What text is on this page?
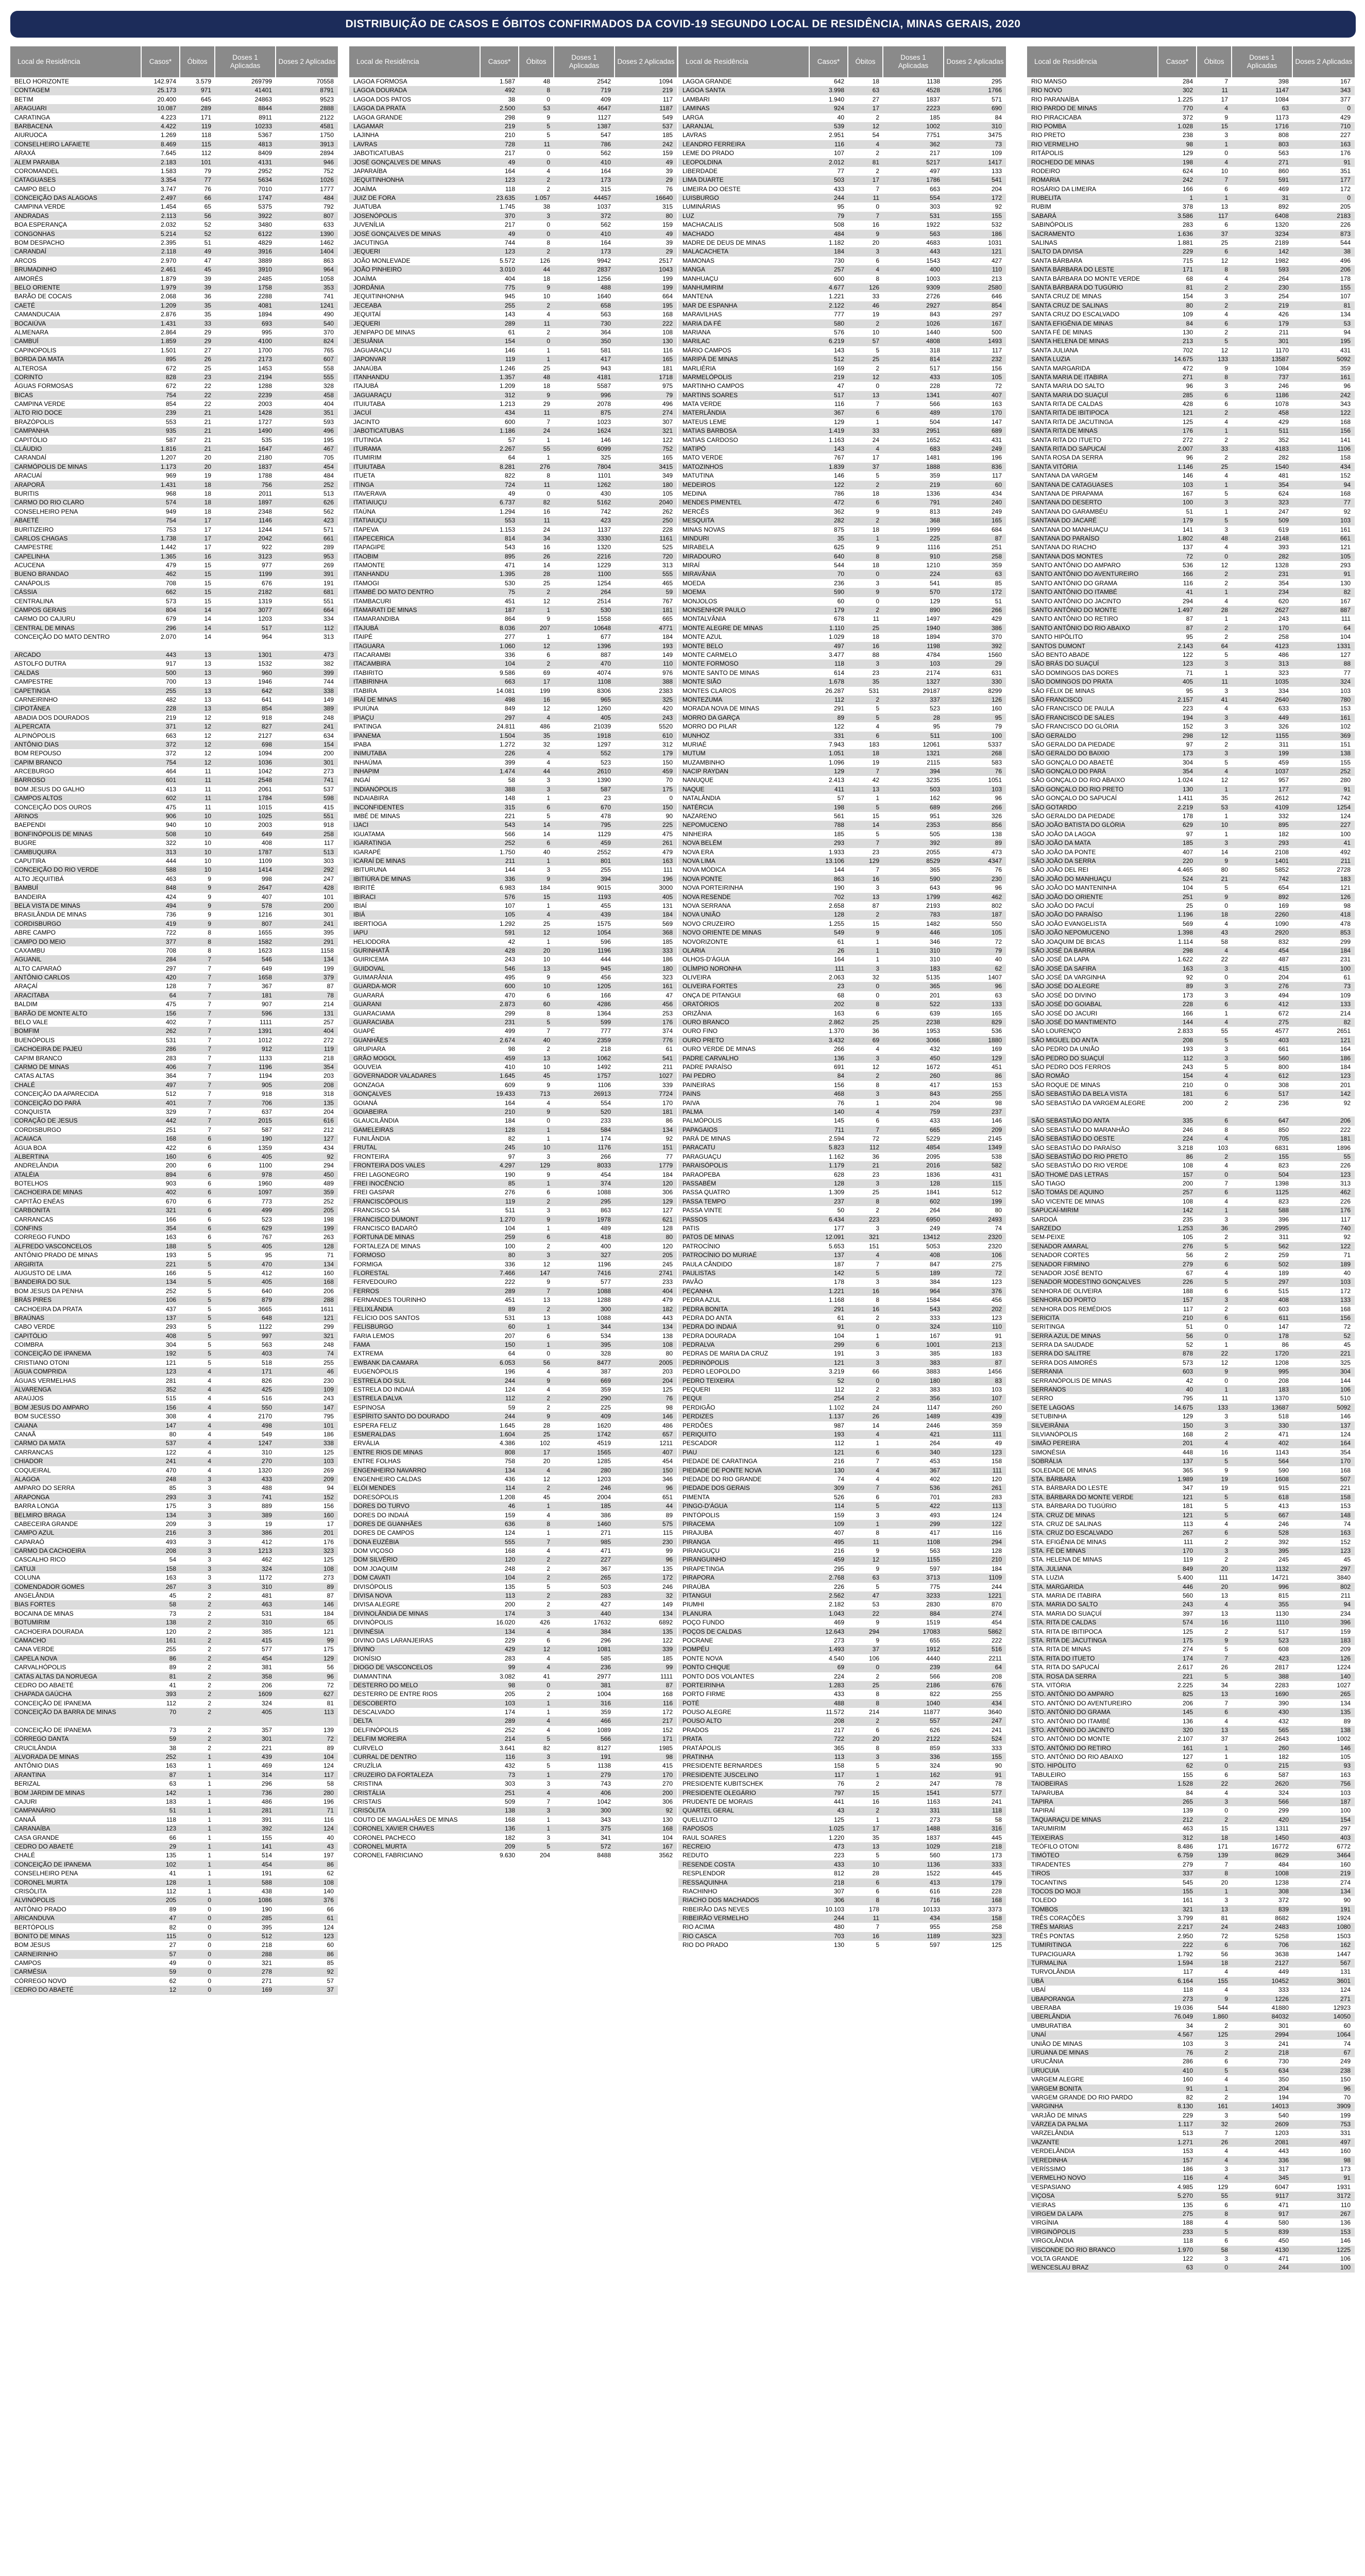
DISTRIBUIÇÃO DE CASOS E ÓBITOS CONFIRMADOS DA COVID-19 SEGUNDO LOCAL DE RESIDÊNCIA, MINAS GERAIS, 2020
Local de Residência	Casos*	Óbitos
Doses 1 Aplicadas
Doses 2 Aplicadas
BELO HORIZONTE	142.974	3.579	269799	70558
CONTAGEM	25.173	971	41401	8791
BETIM	20.400	645	24863	9523
ARAGUARI	10.087	289	8844	2888
CARATINGA	4.223	171	8911	2122
BARBACENA	4.422	119	10233	4581
AIURUOCA	1.269	118	5367	1750
CONSELHEIRO LAFAIETE	8.469	115	4813	3913
ARAXÁ	7.645	112	8409	2894
ALEM PARAIBA	2.183	101	4131	946
COROMANDEL	1.583	79	2952	752
CATAGUASES	3.354	77	5634	1026
CAMPO BELO	3.747	76	7010	1777
CONCEIÇÃO DAS ALAGOAS	2.497	66	1747	484
CAMPINA VERDE	1.454	65	5375	792
ANDRADAS	2.113	56	3922	807
BOA ESPERANÇA	2.032	52	3480	633
CONGONHAS	5.214	52	6122	1390
BOM DESPACHO	2.395	51	4829	1462
CARANDAÍ	2.118	49	3916	1404
ARCOS	2.970	47	3889	863
BRUMADINHO	2.461	45	3910	964
AIMORÉS	1.879	39	2485	1058
BELO ORIENTE	1.979	39	1758	353
BARÃO DE COCAIS	2.068	36	2288	741
CAETÉ	1.209	35	4081	1241
CAMANDUCAIA	2.876	35	1894	490
BOCAIÚVA	1.431	33	693	540
ALMENARA	2.864	29	995	370
CAMBUÍ	1.859	29	4100	824
CAPINOPOLIS	1.501	27	1700	765
BORDA DA MATA	895	26	2173	607
ALTEROSA	672	25	1453	558
CORINTO	828	23	2194	555
ÁGUAS FORMOSAS	672	22	1288	328
BICAS	754	22	2239	458
CAMPINA VERDE	854	22	2003	404
ALTO RIO DOCE	239	21	1428	351
BRAZÓPOLIS	553	21	1727	593
CAMPANHA	935	21	1490	496
CAPITÓLIO	587	21	535	195
CLÁUDIO	1.816	21	1647	467
CARANDAÍ	1.207	20	2180	705
CARMÓPOLIS DE MINAS	1.173	20	1837	454
ARACUAÍ	969	19	1788	484
ARAPORÃ	1.431	18	756	252
BURITIS	968	18	2011	513
CARMO DO RIO CLARO	574	18	1897	626
CONSELHEIRO PENA	949	18	2348	562
ABAETÉ	754	17	1146	423
BURITIZEIRO	753	17	1244	571
CARLOS CHAGAS	1.738	17	2042	661
CAMPESTRE	1.442	17	922	289
CAPELINHA	1.365	16	3123	953
ACUCENA	479	15	977	269
BUENO BRANDAO	462	15	1199	391
CANÁPOLIS	708	15	676	191
CÁSSIA	662	15	2182	681
CENTRALINA	573	15	1319	551
CAMPOS GERAIS	804	14	3077	664
CARMO DO CAJURU	679	14	1203	334
CENTRAL DE MINAS	296	14	517	112
CONCEIÇÃO DO MATO DENTRO	2.070	14	964	313
ARCADO	443	13	1301	473
ASTOLFO DUTRA	917	13	1532	382
CALDAS	500	13	960	399
CAMPESTRE	700	13	1946	744
CAPETINGA	255	13	642	338
CARNEIRINHO	482	13	641	149
CIPOTÂNEA	228	13	854	389
ABADIA DOS DOURADOS	219	12	918	248
ALPERCATA	371	12	827	241
ALPINÓPOLIS	663	12	2127	634
ANTÔNIO DIAS	372	12	698	154
BOM REPOUSO	372	12	1094	200
CAPIM BRANCO	754	12	1036	301
ARCEBURGO	464	11	1042	273
BARROSO	601	11	2548	741
BOM JESUS DO GALHO	413	11	2061	537
CAMPOS ALTOS	602	11	1784	598
CONCEIÇÃO DOS OUROS	475	11	1015	415
ARINOS	906	10	1025	551
BAEPENDI	940	10	2003	918
BONFINÓPOLIS DE MINAS	508	10	649	258
BUGRE	322	10	408	117
CAMBUQUIRA	313	10	1787	513
CAPUTIRA	444	10	1109	303
CONCEIÇÃO DO RIO VERDE	588	10	1414	292
ALTO JEQUITIBÁ	463	9	998	247
BAMBUÍ	848	9	2647	428
BANDEIRA	424	9	407	101
BELA VISTA DE MINAS	494	9	578	200
BRASILÂNDIA DE MINAS	736	9	1216	301
CORDISBURGO	419	9	807	241
ABRE CAMPO	722	8	1655	395
CAMPO DO MEIO	377	8	1582	291
CAXAMBU	708	8	1623	1158
AGUANIL	284	7	546	134
ALTO CAPARAÓ	297	7	649	199
ANTÔNIO CARLOS	420	7	1658	379
ARAÇAÍ	128	7	367	87
ARACITABA	64	7	181	78
BALDIM	475	7	907	214
BARÃO DE MONTE ALTO	156	7	596	131
BELO VALE	402	7	1111	257
BOMFIM	262	7	1391	404
BUENÓPOLIS	531	7	1012	272
CACHOEIRA DE PAJEÚ	286	7	912	119
CAPIM BRANCO	283	7	1133	218
CARMO DE MINAS	406	7	1196	354
CATAS ALTAS	364	7	1194	203
CHALÉ	497	7	905	208
CONCEIÇÃO DA APARECIDA	512	7	918	318
CONCEIÇÃO DO PARÁ	401	7	706	135
CONQUISTA	329	7	637	204
CORAÇÃO DE JESUS	442	7	2015	616
CORDISBURGO	251	7	587	212
ACAIACA	168	6	190	127
ÁGUA BOA	422	6	1359	434
ALBERTINA	160	6	405	92
ANDRELÂNDIA	200	6	1100	294
ATALÉIA	894	6	978	450
BOTELHOS	903	6	1960	489
CACHOEIRA DE MINAS	402	6	1097	359
CAPITÃO ENÉAS	670	6	773	252
CARBONITA	321	6	499	205
CARRANCAS	166	6	523	198
CONFINS	354	6	629	199
CORREGO FUNDO	163	6	767	263
ALFREDO VASCONCELOS	188	5	405	128
ANTÔNIO PRADO DE MINAS	193	5	95	71
ARGIRITA	221	5	470	134
AUGUSTO DE LIMA	166	5	412	160
BANDEIRA DO SUL	134	5	405	168
BOM JESUS DA PENHA	252	5	640	206
BRÁS PIRES	106	5	879	288
CACHOEIRA DA PRATA	437	5	3665	1611
BRAÚNAS	137	5	648	121
CABO VERDE	293	5	1122	299
CAPITÓLIO	408	5	997	321
COIMBRA	304	5	563	248
CONCEIÇÃO DE IPANEMA	192	5	403	74
CRISTIANO OTONI	121	5	518	255
ÁGUA COMPRIDA	123	4	171	46
ÁGUAS VERMELHAS	281	4	826	230
ALVARENGA	352	4	425	109
ARAÚJOS	515	4	516	243
BOM JESUS DO AMPARO	156	4	550	147
BOM SUCESSO	308	4	2170	795
CAIANA	147	4	498	101
CANAÃ	80	4	549	186
CARMO DA MATA	537	4	1247	338
CARRANCAS	122	4	310	125
CHIADOR	241	4	270	103
COQUEIRAL	470	4	1320	269
ALAGOA	248	3	433	209
AMPARO DO SERRA	85	3	488	94
ARAPONGA	293	3	741	152
BARRA LONGA	175	3	889	156
BELMIRO BRAGA	134	3	389	160
CABECEIRA GRANDE	209	3	19	17
CAMPO AZUL	216	3	386	201
CAPARAÓ	493	3	412	176
CARMO DA CACHOEIRA	208	3	1213	323
CASCALHO RICO	54	3	462	125
CATUJI	158	3	324	108
COLUNA	163	3	1172	273
COMENDADOR GOMES	267	3	310	89
ANGELÂNDIA	45	2	481	87
BIAS FORTES	58	2	463	146
BOCAINA DE MINAS	73	2	531	184
BOTUMIRIM	138	2	310	65
CACHOEIRA DOURADA	120	2	385	121
CAMACHO	161	2	415	99
CANA VERDE	255	2	577	175
CAPELA NOVA	86	2	454	129
CARVALHÓPOLIS	89	2	381	56
CATAS ALTAS DA NORUEGA	81	2	358	96
CEDRO DO ABAETÉ	41	2	206	72
CHAPADA GAÚCHA	393	2	1609	627
CONCEIÇÃO DE IPANEMA	112	2	324	81
CONCEIÇÃO DA BARRA DE MINAS	70	2	405	113
CONCEIÇÃO DE IPANEMA	73	2	357	139
CÓRREGO DANTA	59	2	301	72
CRUCILÂNDIA	38	2	221	89
ALVORADA DE MINAS	252	1	439	104
ANTÔNIO DIAS	163	1	469	124
ARANTINA	87	1	314	117
BERIZAL	63	1	296	58
BOM JARDIM DE MINAS	142	1	736	280
CAJURI	183	1	486	196
CAMPANÁRIO	51	1	281	71
CANAÃ	118	1	391	116
CARANAÍBA	123	1	392	124
CASA GRANDE	66	1	155	40
CEDRO DO ABAETÉ	29	1	141	43
CHALÉ	135	1	514	197
CONCEIÇÃO DE IPANEMA	102	1	454	86
CONSELHEIRO PENA	41	1	191	62
CORONEL MURTA	128	1	588	108
CRISÓLITA	112	1	438	140
ALVINÓPOLIS	205	0	1086	376
ANTÔNIO PRADO	89	0	190	66
ARICANDUVA	47	0	285	61
BERTÓPOLIS	82	0	395	124
BONITO DE MINAS	115	0	512	123
BOM JESUS	27	0	218	60
CARNEIRINHO	57	0	288	86
CAMPOS	49	0	321	85
CARMÉSIA	59	0	278	92
CÓRREGO NOVO	62	0	271	57
CEDRO DO ABAETÉ	12	0	169	37
Local de Residência	Casos*	Óbitos
Doses 1 Aplicadas
Doses 2 Aplicadas
LAGOA FORMOSA	1.587	48	2542	1094
LAGOA DOURADA	492	8	719	219
LAGOA DOS PATOS	38	0	409	117
LAGOA DA PRATA	2.500	53	4647	1187
LAGOA GRANDE	298	9	1127	549
LAGAMAR	219	5	1387	537
LAJINHA	210	5	547	185
LAVRAS	728	11	786	242
JABOTICATUBAS	217	0	562	159
JOSÉ GONÇALVES DE MINAS	49	0	410	49
JAPARAÍBA	164	4	164	39
JEQUITINHONHA	123	2	173	29
JOAÍMA	118	2	315	76
JUIZ DE FORA	23.635	1.057	44457	16640
JUATUBA	1.745	38	1037	315
JOSENÓPOLIS	370	3	372	80
JUVENÍLIA	217	0	562	159
JOSÉ GONÇALVES DE MINAS	49	0	410	49
JACUTINGA	744	8	164	39
JEQUERI	123	2	173	29
JOÃO MONLEVADE	5.572	126	9942	2517
JOÃO PINHEIRO	3.010	44	2837	1043
JOAÍMA	404	18	1256	199
JORDÂNIA	775	9	488	199
JEQUITINHONHA	945	10	1640	664
JECEABA	255	2	658	195
JEQUITAÍ	143	4	563	168
JEQUERI	289	11	730	222
JENIPAPO DE MINAS	61	2	364	108
JESUÂNIA	154	0	350	130
JAGUARAÇU	146	1	581	116
JAPONVAR	119	1	417	165
JANAÚBA	1.246	25	943	181
ITANHANDU	1.357	48	4181	1718
ITAJUBÁ	1.209	18	5587	975
JAGUARAÇU	312	9	996	79
ITUIUTABA	1.213	29	2078	496
JACUÍ	434	11	875	274
JACINTO	600	7	1023	307
JABOTICATUBAS	1.186	24	1624	321
ITUTINGA	57	1	146	122
ITURAMA	2.267	55	6099	752
ITUMIRIM	64	1	325	165
ITUIUTABA	8.281	276	7804	3415
ITUETA	822	8	1101	349
ITINGA	724	11	1262	180
ITAVERAVA	49	0	430	105
ITATIAIUÇU	6.737	82	5162	2040
ITAÚNA	1.294	16	742	262
ITATIAIUÇU	553	11	423	250
ITAPEVA	1.153	24	1137	228
ITAPECERICA	814	34	3330	1161
ITAPAGIPE	543	16	1320	525
ITAOBIM	895	26	2216	720
ITAMONTE	471	14	1229	313
ITANHANDU	1.395	28	1100	555
ITAMOGI	530	25	1254	465
ITAMBÉ DO MATO DENTRO	75	2	264	59
ITAMBACURI	451	12	2514	767
ITAMARATI DE MINAS	187	1	530	181
ITAMARANDIBA	864	9	1558	665
ITAJUBÁ	8.036	207	10648	4771
ITAIPÉ	277	1	677	184
ITAGUARA	1.060	12	1396	193
ITACARAMBI	336	6	887	149
ITACAMBIRA	104	2	470	110
ITABIRITO	9.586	69	4074	976
ITABIRINHA	663	17	1108	388
ITABIRA	14.081	199	8306	2383
IRAÍ DE MINAS	498	16	965	325
IPUIÚNA	849	12	1260	420
IPIAÇU	297	4	405	243
IPATINGA	24.811	486	21039	5520
IPANEMA	1.504	35	1918	610
IPABA	1.272	32	1297	312
INIMUTABA	226	4	552	179
INHAÚMA	399	4	523	150
INHAPIM	1.474	44	2610	459
INGAÍ	58	3	1390	70
INDIANÓPOLIS	388	3	587	175
INDAIABIRA	148	1	23	0
INCONFIDENTES	315	6	670	150
IMBÉ DE MINAS	221	5	478	90
IJACI	543	14	795	225
IGUATAMA	566	14	1129	475
IGARATINGA	252	6	459	261
IGARAPÉ	1.750	40	2552	479
ICARAÍ DE MINAS	211	1	801	163
IBITURUNA	144	3	255	111
IBITIÚRA DE MINAS	336	9	394	196
IBIRITÉ	6.983	184	9015	3000
IBIRACI	576	15	1193	405
IBIAÍ	107	1	455	131
IBIÁ	105	4	439	184
IBERTIOGA	1.292	25	1575	569
IAPU	591	12	1054	368
HELIODORA	42	1	596	185
GURINHATÃ	428	20	1196	333
GUIRICEMA	243	10	444	186
GUIDOVAL	546	13	945	180
GUIMARÂNIA	495	9	456	323
GUARDA-MOR	600	10	1205	161
GUARARÁ	470	6	166	47
GUARANI	2.873	60	4286	456
GUARACIAMA	299	8	1364	253
GUARACIABA	231	5	599	176
GUAPÉ	499	7	777	374
GUANHÃES	2.674	40	2359	776
GRUPIARA	98	2	218	61
GRÃO MOGOL	459	13	1062	541
GOUVEIA	410	10	1492	211
GOVERNADOR VALADARES	1.645	45	1757	1027
GONZAGA	609	9	1106	339
GONÇALVES	19.433	713	26913	7724
GOIANÁ	164	4	554	170
GOIABEIRA	210	9	520	181
GLAUCILÂNDIA	184	0	233	86
GAMELEIRAS	128	1	584	134
FUNILÂNDIA	82	1	174	92
FRUTAL	245	10	1176	151
FRONTEIRA	97	3	266	77
FRONTEIRA DOS VALES	4.297	129	8033	1779
FREI LAGONEGRO	190	9	454	184
FREI INOCÊNCIO	85	1	374	120
FREI GASPAR	276	6	1088	306
FRANCISCÓPOLIS	119	2	295	129
FRANCISCO SÁ	511	3	863	127
FRANCISCO DUMONT	1.270	9	1978	621
FRANCISCO BADARÓ	104	1	489	128
FORTUNA DE MINAS	259	6	418	80
FORTALEZA DE MINAS	100	2	400	120
FORMOSO	80	3	327	205
FORMIGA	336	12	1196	245
FLORESTAL	7.466	147	7416	2741
FERVEDOURO	222	9	577	233
FERROS	289	7	1088	404
FERNANDES TOURINHO	451	13	1288	479
FELIXLÂNDIA	89	2	300	182
FELÍCIO DOS SANTOS	531	13	1088	443
FELISBURGO	60	1	344	134
FARIA LEMOS	207	6	534	138
FAMA	150	1	395	108
EXTREMA	64	0	328	80
EWBANK DA CAMARA	6.053	56	8477	2005
EUGENÓPOLIS	196	4	387	203
ESTRELA DO SUL	244	9	669	204
ESTRELA DO INDAIÁ	124	4	359	125
ESTRELA DALVA	112	2	290	76
ESPINOSA	59	2	225	98
ESPÍRITO SANTO DO DOURADO	244	9	409	146
ESPERA FELIZ	1.645	28	1620	486
ESMERALDAS	1.604	25	1742	657
ERVÁLIA	4.386	102	4519	1211
ENTRE RIOS DE MINAS	808	17	1565	407
ENTRE FOLHAS	758	20	1285	454
ENGENHEIRO NAVARRO	134	4	280	150
ENGENHEIRO CALDAS	436	12	1203	346
ELÓI MENDES	114	2	246	96
DORESÓPOLIS	1.208	45	2004	651
DORES DO TURVO	46	1	185	44
DORES DO INDAIÁ	159	4	386	89
DORES DE GUANHÃES	636	8	1460	575
DORES DE CAMPOS	124	1	271	115
DONA EUZÉBIA	555	7	985	230
DOM VIÇOSO	168	4	471	99
DOM SILVÉRIO	120	2	227	96
DOM JOAQUIM	248	2	367	135
DOM CAVATI	104	2	265	172
DIVISÓPOLIS	135	5	503	246
DIVISA NOVA	113	2	283	32
DIVISA ALEGRE	200	2	427	149
DIVINOLÂNDIA DE MINAS	174	3	440	134
DIVINÓPOLIS	16.020	426	17632	6892
DIVINÉSIA	134	4	384	135
DIVINO DAS LARANJEIRAS	229	6	296	122
DIVINO	429	12	1081	339
DIONÍSIO	283	4	585	185
DIOGO DE VASCONCELOS	99	4	236	99
DIAMANTINA	3.082	41	2977	1111
DESTERRO DO MELO	98	0	381	87
DESTERRO DE ENTRE RIOS	205	2	1004	168
DESCOBERTO	103	1	316	116
DESCALVADO	174	1	359	172
DELTA	289	4	466	217
DELFINÓPOLIS	252	4	1089	152
DELFIM MOREIRA	214	5	566	171
CURVELO	3.641	82	8127	1985
CURRAL DE DENTRO	116	3	191	98
CRUZÍLIA	432	5	1138	415
CRUZEIRO DA FORTALEZA	73	1	279	170
CRISTINA	303	3	743	270
CRISTÁLIA	251	4	406	200
CRISTAIS	509	7	1042	306
CRISÓLITA	138	3	300	92
COUTO DE MAGALHÃES DE MINAS	168	1	343	130
CORONEL XAVIER CHAVES	136	1	375	168
CORONEL PACHECO	182	3	341	104
CORONEL MURTA	209	5	572	167
CORONEL FABRICIANO	9.630	204	8488	3562
Local de Residência	Casos*	Óbitos
Doses 1 Aplicadas
Doses 2 Aplicadas
LAGOA GRANDE	642	18	1138	295
LAGOA SANTA	3.998	63	4528	1766
LAMBARI	1.940	27	1837	571
LAMINAS	924	17	2223	690
LARGA	40	2	185	84
LARANJAL	539	12	1002	310
LAVRAS	2.951	54	7751	3475
LEANDRO FERREIRA	116	4	362	73
LEME DO PRADO	107	2	217	109
LEOPOLDINA	2.012	81	5217	1417
LIBERDADE	77	2	497	133
LIMA DUARTE	503	17	1786	541
LIMEIRA DO OESTE	433	7	663	204
LUISBURGO	244	11	554	172
LUMINÁRIAS	95	0	303	92
LUZ	79	7	531	155
MACHACALIS	508	16	1922	532
MACHADO	484	9	563	186
MADRE DE DEUS DE MINAS	1.182	20	4683	1031
MALACACHETA	184	3	443	121
MAMONAS	730	6	1543	427
MANGA	257	4	400	110
MANHUAÇU	600	8	1003	213
MANHUMIRIM	4.677	126	9309	2580
MANTENA	1.221	33	2726	646
MAR DE ESPANHA	2.122	46	2927	854
MARAVILHAS	777	19	843	297
MARIA DA FÉ	580	2	1026	167
MARIANA	576	10	1440	500
MARILAC	6.219	57	4808	1493
MÁRIO CAMPOS	143	5	318	117
MARIPÁ DE MINAS	512	25	814	232
MARLIÉRIA	169	2	517	156
MARMELÓPOLIS	219	12	433	105
MARTINHO CAMPOS	47	0	228	72
MARTINS SOARES	517	13	1341	407
MATA VERDE	116	7	566	163
MATERLÂNDIA	367	6	489	170
MATEUS LEME	129	1	504	147
MATIAS BARBOSA	1.419	33	2951	689
MATIAS CARDOSO	1.163	24	1652	431
MATIPÓ	143	4	683	249
MATO VERDE	767	17	1481	196
MATOZINHOS	1.839	37	1888	836
MATUTINA	146	5	359	117
MEDEIROS	122	2	219	60
MEDINA	786	18	1336	434
MENDES PIMENTEL	472	6	791	240
MERCÊS	362	9	813	249
MESQUITA	282	2	368	165
MINAS NOVAS	875	18	1999	684
MINDURI	35	1	225	87
MIRABELA	625	9	1116	251
MIRADOURO	640	8	910	258
MIRAÍ	544	18	1210	359
MIRAVÂNIA	70	0	224	63
MOEDA	236	3	541	85
MOEMA	590	9	570	172
MONJOLOS	60	0	129	51
MONSENHOR PAULO	179	2	890	266
MONTALVÂNIA	678	11	1497	429
MONTE ALEGRE DE MINAS	1.110	25	1940	386
MONTE AZUL	1.029	18	1894	370
MONTE BELO	497	16	1198	392
MONTE CARMELO	3.477	88	4784	1560
MONTE FORMOSO	118	3	103	29
MONTE SANTO DE MINAS	614	23	2174	631
MONTE SIÃO	1.678	35	1327	330
MONTES CLAROS	26.287	531	29187	8299
MONTEZUMA	112	2	337	126
MORADA NOVA DE MINAS	291	5	523	160
MORRO DA GARÇA	89	5	28	95
MORRO DO PILAR	122	4	95	79
MUNHOZ	331	6	511	100
MURIAÉ	7.943	183	12061	5337
MUTUM	1.051	18	1321	268
MUZAMBINHO	1.096	19	2115	583
NACIP RAYDAN	129	7	394	76
NANUQUE	2.413	42	3235	1051
NAQUE	411	13	503	103
NATALÂNDIA	57	1	162	96
NATÉRCIA	198	5	689	266
NAZARENO	561	15	951	326
NEPOMUCENO	788	14	2353	856
NINHEIRA	185	5	505	138
NOVA BELÉM	293	7	392	89
NOVA ERA	1.933	23	2055	473
NOVA LIMA	13.106	129	8529	4347
NOVA MÓDICA	144	7	365	76
NOVA PONTE	863	16	590	230
NOVA PORTEIRINHA	190	3	643	96
NOVA RESENDE	702	13	1799	462
NOVA SERRANA	2.658	87	2193	802
NOVA UNIÃO	128	2	783	187
NOVO CRUZEIRO	1.255	15	1482	550
NOVO ORIENTE DE MINAS	549	9	446	105
NOVORIZONTE	61	1	346	72
OLARIA	26	1	310	79
OLHOS-D'ÁGUA	164	1	310	40
OLÍMPIO NORONHA	111	3	183	62
OLIVEIRA	2.063	32	5135	1407
OLIVEIRA FORTES	23	0	365	96
ONÇA DE PITANGUI	68	0	201	63
ORATÓRIOS	202	8	522	133
ORIZÂNIA	163	6	639	165
OURO BRANCO	2.862	25	2238	829
OURO FINO	1.370	36	1953	536
OURO PRETO	3.432	69	3066	1880
OURO VERDE DE MINAS	266	4	432	169
PADRE CARVALHO	136	3	450	129
PADRE PARAÍSO	691	12	1672	451
PAI PEDRO	84	2	260	86
PAINEIRAS	156	8	417	153
PAINS	468	3	843	255
PAIVA	76	1	204	98
PALMA	140	4	759	237
PALMÓPOLIS	145	6	433	146
PAPAGAIOS	711	7	665	209
PARÁ DE MINAS	2.594	72	5229	2145
PARACATU	5.823	112	4854	1349
PARAGUAÇU	1.162	36	2095	538
PARAISÓPOLIS	1.179	21	2016	582
PARAOPEBA	628	23	1836	431
PASSABÉM	128	3	128	115
PASSA QUATRO	1.309	25	1841	512
PASSA TEMPO	237	8	602	199
PASSA VINTE	50	2	264	80
PASSOS	6.434	223	6950	2493
PATIS	177	3	249	74
PATOS DE MINAS	12.091	321	13412	2320
PATROCÍNIO	5.653	151	5053	2320
PATROCÍNIO DO MURIAÉ	137	4	408	106
PAULA CÂNDIDO	187	7	847	275
PAULISTAS	142	5	189	72
PAVÃO	178	3	384	123
PEÇANHA	1.221	16	964	376
PEDRA AZUL	1.168	8	1584	456
PEDRA BONITA	291	16	543	202
PEDRA DO ANTA	61	2	333	123
PEDRA DO INDAIÁ	91	0	324	110
PEDRA DOURADA	104	1	167	91
PEDRALVA	299	6	1001	213
PEDRAS DE MARIA DA CRUZ	191	3	385	183
PEDRINÓPOLIS	121	3	383	87
PEDRO LEOPOLDO	3.219	66	3883	1456
PEDRO TEIXEIRA	52	0	180	83
PEQUERI	112	2	383	103
PEQUI	254	2	356	107
PERDIGÃO	1.102	24	1147	260
PERDIZES	1.137	26	1489	439
PERDÕES	987	14	2446	359
PERIQUITO	193	4	421	111
PESCADOR	112	1	264	49
PIAU	121	6	340	123
PIEDADE DE CARATINGA	216	7	453	158
PIEDADE DE PONTE NOVA	130	4	367	111
PIEDADE DO RIO GRANDE	74	4	402	120
PIEDADE DOS GERAIS	309	7	536	261
PIMENTA	526	6	701	283
PINGO-D'ÁGUA	114	5	422	113
PINTÓPOLIS	159	3	493	124
PIRACEMA	109	1	299	122
PIRAJUBA	407	8	417	116
PIRANGA	495	11	1108	294
PIRANGUÇU	216	9	563	128
PIRANGUINHO	459	12	1155	210
PIRAPETINGA	295	9	597	184
PIRAPORA	2.768	63	3713	1109
PIRAÚBA	226	5	775	244
PITANGUI	2.562	47	3233	1221
PIUMHI	2.182	53	2830	870
PLANURA	1.043	22	884	274
POÇO FUNDO	469	9	1519	454
POÇOS DE CALDAS	12.643	294	17083	5862
POCRANE	273	9	655	222
POMPÉU	1.493	37	1912	516
PONTE NOVA	4.540	106	4440	2211
PONTO CHIQUE	69	0	239	64
PONTO DOS VOLANTES	224	2	566	208
PORTEIRINHA	1.283	25	2186	676
PORTO FIRME	433	8	822	255
POTÉ	488	8	1040	434
POUSO ALEGRE	11.572	214	11877	3640
POUSO ALTO	208	2	557	247
PRADOS	217	6	626	241
PRATA	722	20	2122	524
PRATÁPOLIS	365	8	859	333
PRATINHA	113	3	336	155
PRESIDENTE BERNARDES	158	5	324	90
PRESIDENTE JUSCELINO	117	1	162	91
PRESIDENTE KUBITSCHEK	76	2	247	78
PRESIDENTE OLEGÁRIO	797	15	1541	577
PRUDENTE DE MORAIS	441	16	1163	241
QUARTEL GERAL	43	2	331	118
QUELUZITO	125	1	273	58
RAPOSOS	1.025	17	1488	316
RAUL SOARES	1.220	35	1837	445
RECREIO	473	13	1029	218
REDUTO	223	5	560	173
RESENDE COSTA	433	10	1136	333
RESPLENDOR	812	28	1522	445
RESSAQUINHA	218	6	413	179
RIACHINHO	307	6	616	228
RIACHO DOS MACHADOS	306	8	716	168
RIBEIRÃO DAS NEVES	10.103	178	10133	3373
RIBEIRÃO VERMELHO	244	11	434	158
RIO ACIMA	480	7	955	258
RIO CASCA	703	16	1189	323
RIO DO PRADO	130	5	597	125
Local de Residência	Casos*	Óbitos
Doses 1 Aplicadas
Doses 2 Aplicadas
RIO MANSO	284	7	398	167
RIO NOVO	302	11	1147	343
RIO PARANAÍBA	1.225	17	1084	377
RIO PARDO DE MINAS	770	4	63	0
RIO PIRACICABA	372	9	1173	429
RIO POMBA	1.028	15	1716	710
RIO PRETO	238	3	808	227
RIO VERMELHO	98	1	803	163
RITÁPOLIS	129	0	563	176
ROCHEDO DE MINAS	198	4	271	91
RODEIRO	624	10	860	351
ROMARIA	242	7	591	177
ROSÁRIO DA LIMEIRA	166	6	469	172
RUBELITA	1	1	31	0
RUBIM	378	13	892	205
SABARÁ	3.586	117	6408	2183
SABINÓPOLIS	283	6	1320	226
SACRAMENTO	1.636	37	3234	873
SALINAS	1.881	25	2189	544
SALTO DA DIVISA	229	6	142	38
SANTA BÁRBARA	715	12	1982	496
SANTA BÁRBARA DO LESTE	171	8	593	206
SANTA BÁRBARA DO MONTE VERDE	68	4	264	178
SANTA BÁRBARA DO TUGÚRIO	81	2	230	155
SANTA CRUZ DE MINAS	154	3	254	107
SANTA CRUZ DE SALINAS	80	2	219	81
SANTA CRUZ DO ESCALVADO	109	4	426	134
SANTA EFIGÊNIA DE MINAS	84	6	179	53
SANTA FÉ DE MINAS	130	2	211	94
SANTA HELENA DE MINAS	213	5	301	195
SANTA JULIANA	702	12	1170	431
SANTA LUZIA	14.675	133	13587	5092
SANTA MARGARIDA	472	9	1084	359
SANTA MARIA DE ITABIRA	271	8	737	161
SANTA MARIA DO SALTO	96	3	246	96
SANTA MARIA DO SUAÇUÍ	285	6	1186	242
SANTA RITA DE CALDAS	428	6	1078	343
SANTA RITA DE IBITIPOCA	121	2	458	122
SANTA RITA DE JACUTINGA	125	4	429	168
SANTA RITA DE MINAS	176	1	511	156
SANTA RITA DO ITUETO	272	2	352	141
SANTA RITA DO SAPUCAÍ	2.007	33	4183	1106
SANTA ROSA DA SERRA	96	2	282	158
SANTA VITÓRIA	1.146	25	1540	434
SANTANA DA VARGEM	146	4	481	152
SANTANA DE CATAGUASES	103	1	354	94
SANTANA DE PIRAPAMA	167	5	624	168
SANTANA DO DESERTO	100	3	323	77
SANTANA DO GARAMBÉU	51	1	247	92
SANTANA DO JACARÉ	179	5	509	103
SANTANA DO MANHUAÇU	141	3	619	161
SANTANA DO PARAÍSO	1.802	48	2148	661
SANTANA DO RIACHO	137	4	393	121
SANTANA DOS MONTES	72	0	282	105
SANTO ANTÔNIO DO AMPARO	536	12	1328	293
SANTO ANTÔNIO DO AVENTUREIRO	166	2	231	91
SANTO ANTÔNIO DO GRAMA	116	2	354	130
SANTO ANTÔNIO DO ITAMBÉ	41	1	234	82
SANTO ANTÔNIO DO JACINTO	294	4	620	167
SANTO ANTÔNIO DO MONTE	1.497	28	2627	887
SANTO ANTÔNIO DO RETIRO	87	1	243	111
SANTO ANTÔNIO DO RIO ABAIXO	87	2	170	64
SANTO HIPÓLITO	95	2	258	104
SANTOS DUMONT	2.143	64	4123	1331
SÃO BENTO ABADE	122	5	486	127
SÃO BRÁS DO SUAÇUÍ	123	3	313	88
SÃO DOMINGOS DAS DORES	71	1	323	77
SÃO DOMINGOS DO PRATA	405	11	1035	324
SÃO FÉLIX DE MINAS	95	3	334	103
SÃO FRANCISCO	2.157	41	2640	780
SÃO FRANCISCO DE PAULA	223	4	633	153
SÃO FRANCISCO DE SALES	194	3	449	161
SÃO FRANCISCO DO GLÓRIA	152	3	326	102
SÃO GERALDO	298	12	1155	369
SÃO GERALDO DA PIEDADE	97	2	311	151
SÃO GERALDO DO BAIXIO	173	3	199	138
SÃO GONÇALO DO ABAETÉ	304	5	459	155
SÃO GONÇALO DO PARÁ	354	4	1037	252
SÃO GONÇALO DO RIO ABAIXO	1.024	12	957	280
SÃO GONÇALO DO RIO PRETO	130	1	177	91
SÃO GONÇALO DO SAPUCAÍ	1.411	35	2612	742
SÃO GOTARDO	2.219	53	4109	1254
SÃO GERALDO DA PIEDADE	178	1	332	124
SÃO JOÃO BATISTA DO GLÓRIA	629	10	895	227
SÃO JOÃO DA LAGOA	97	1	182	100
SÃO JOÃO DA MATA	185	3	293	41
SÃO JOÃO DA PONTE	407	14	2108	492
SÃO JOÃO DA SERRA	220	9	1401	211
SÃO JOÃO DEL REI	4.465	80	5852	2728
SÃO JOÃO DO MANHUAÇU	524	21	742	183
SÃO JOÃO DO MANTENINHA	104	5	654	121
SÃO JOÃO DO ORIENTE	251	9	892	126
SÃO JOÃO DO PACUÍ	25	0	169	98
SÃO JOÃO DO PARAÍSO	1.196	18	2260	418
SÃO JOÃO EVANGELISTA	569	4	1090	478
SÃO JOÃO NEPOMUCENO	1.398	43	2920	853
SÃO JOAQUIM DE BICAS	1.114	58	832	299
SÃO JOSÉ DA BARRA	298	4	454	184
SÃO JOSÉ DA LAPA	1.622	22	487	231
SÃO JOSÉ DA SAFIRA	163	3	415	100
SÃO JOSÉ DA VARGINHA	92	0	204	61
SÃO JOSÉ DO ALEGRE	89	3	276	73
SÃO JOSÉ DO DIVINO	173	3	494	109
SÃO JOSÉ DO GOIABAL	228	6	412	133
SÃO JOSÉ DO JACURI	166	1	672	214
SÃO JOSÉ DO MANTIMENTO	144	4	275	82
SÃO LOURENÇO	2.833	55	4577	2651
SÃO MIGUEL DO ANTA	208	5	403	121
SÃO PEDRO DA UNIÃO	193	3	661	164
SÃO PEDRO DO SUAÇUÍ	112	3	560	186
SÃO PEDRO DOS FERROS	243	5	800	184
SÃO ROMÃO	154	4	612	123
SÃO ROQUE DE MINAS	210	0	308	201
SÃO SEBASTIÃO DA BELA VISTA	181	6	517	142
SÃO SEBASTIÃO DA VARGEM ALEGRE	200	2	236	92
SÃO SEBASTIÃO DO ANTA	335	6	647	206
SÃO SEBASTIÃO DO MARANHÃO	246	8	850	222
SÃO SEBASTIÃO DO OESTE	224	4	705	181
SÃO SEBASTIÃO DO PARAÍSO	3.218	103	6831	1896
SÃO SEBASTIÃO DO RIO PRETO	86	2	155	55
SÃO SEBASTIÃO DO RIO VERDE	108	4	823	226
SÃO THOMÉ DAS LETRAS	157	0	504	123
SÃO TIAGO	200	7	1398	313
SÃO TOMÁS DE AQUINO	257	6	1125	462
SÃO VICENTE DE MINAS	108	4	823	226
SAPUCAÍ-MIRIM	142	1	588	176
SARDOÁ	235	3	396	117
SARZEDO	1.253	36	2995	740
SEM-PEIXE	105	2	311	92
SENADOR AMARAL	276	5	562	122
SENADOR CORTES	56	2	259	71
SENADOR FIRMINO	279	6	502	189
SENADOR JOSÉ BENTO	67	4	189	40
SENADOR MODESTINO GONÇALVES	226	5	297	103
SENHORA DE OLIVEIRA	188	6	515	172
SENHORA DO PORTO	157	3	408	133
SENHORA DOS REMÉDIOS	117	2	603	168
SERICITA	210	6	611	156
SERITINGA	51	0	147	72
SERRA AZUL DE MINAS	56	0	178	52
SERRA DA SAUDADE	52	1	86	45
SERRA DO SALITRE	878	22	1720	221
SERRA DOS AIMORÉS	573	12	1208	325
SERRANIA	603	9	995	304
SERRANÓPOLIS DE MINAS	42	0	208	144
SERRANOS	40	1	183	106
SERRO	795	11	1370	510
SETE LAGOAS	14.675	133	13687	5092
SETUBINHA	129	3	518	146
SILVEIRÂNIA	150	3	330	137
SILVIANÓPOLIS	168	2	471	124
SIMÃO PEREIRA	201	4	402	164
SIMONÉSIA	448	16	1143	354
SOBRÁLIA	137	5	564	170
SOLEDADE DE MINAS	365	9	590	168
STA. BÁRBARA	1.989	19	1608	507
STA. BÁRBARA DO LESTE	347	19	915	221
STA. BÁRBARA DO MONTE VERDE	121	5	618	158
STA. BÁRBARA DO TUGÚRIO	181	5	413	153
STA. CRUZ DE MINAS	121	5	667	148
STA. CRUZ DE SALINAS	113	4	246	74
STA. CRUZ DO ESCALVADO	267	6	528	163
STA. EFIGÊNIA DE MINAS	111	2	392	152
STA. FÉ DE MINAS	170	3	395	123
STA. HELENA DE MINAS	119	2	245	45
STA. JULIANA	849	20	1132	297
STA. LUZIA	5.400	111	14721	3840
STA. MARGARIDA	446	20	996	802
STA. MARIA DE ITABIRA	560	13	815	211
STA. MARIA DO SALTO	243	4	355	94
STA. MARIA DO SUAÇUÍ	397	13	1130	234
STA. RITA DE CALDAS	574	16	1110	396
STA. RITA DE IBITIPOCA	125	2	517	159
STA. RITA DE JACUTINGA	175	9	523	183
STA. RITA DE MINAS	274	5	608	209
STA. RITA DO ITUETO	174	7	423	126
STA. RITA DO SAPUCAÍ	2.617	26	2817	1224
STA. ROSA DA SERRA	221	5	388	140
STA. VITÓRIA	2.225	34	2283	1027
STO. ANTÔNIO DO AMPARO	825	13	1690	265
STO. ANTÔNIO DO AVENTUREIRO	206	7	390	134
STO. ANTÔNIO DO GRAMA	145	6	430	135
STO. ANTÔNIO DO ITAMBÉ	136	4	432	89
STO. ANTÔNIO DO JACINTO	320	13	565	138
STO. ANTÔNIO DO MONTE	2.107	37	2643	1002
STO. ANTÔNIO DO RETIRO	161	1	260	146
STO. ANTÔNIO DO RIO ABAIXO	127	1	182	105
STO. HIPÓLITO	62	0	215	93
TABULEIRO	155	6	587	163
TAIOBEIRAS	1.528	22	2620	756
TAPARUBA	84	4	324	103
TAPIRA	265	3	566	187
TAPIRAÍ	139	0	299	100
TAQUARAÇU DE MINAS	212	2	420	154
TARUMIRIM	463	15	1311	297
TEIXEIRAS	312	18	1450	403
TEÓFILO OTONI	8.486	171	16772	6772
TIMÓTEO	6.759	139	8629	3464
TIRADENTES	279	7	484	160
TIROS	337	8	1008	219
TOCANTINS	545	20	1238	274
TOCOS DO MOJI	155	1	308	134
TOLEDO	161	3	372	90
TOMBOS	321	13	839	191
TRÊS CORAÇÕES	3.799	81	8682	1924
TRÊS MARIAS	2.217	24	2483	1080
TRÊS PONTAS	2.950	72	5258	1503
TUMIRITINGA	222	6	706	162
TUPACIGUARA	1.792	56	3638	1447
TURMALINA	1.594	18	2127	567
TURVOLÂNDIA	117	4	449	131
UBÁ	6.164	155	10452	3601
UBAÍ	118	4	333	124
UBAPORANGA	273	9	1226	271
UBERABA	19.036	544	41880	12923
UBERLÂNDIA	76.049	1.860	84032	14050
UMBURATIBA	34	2	301	60
UNAÍ	4.567	125	2994	1064
UNIÃO DE MINAS	103	3	241	74
URUANA DE MINAS	76	2	218	67
URUCÂNIA	286	6	730	249
URUCUIA	410	5	634	238
VARGEM ALEGRE	160	4	350	150
VARGEM BONITA	91	1	204	96
VARGEM GRANDE DO RIO PARDO	82	2	194	70
VARGINHA	8.130	161	14013	3909
VARJÃO DE MINAS	229	3	540	199
VÁRZEA DA PALMA	1.117	32	2609	753
VARZELÂNDIA	513	7	1203	331
VAZANTE	1.271	26	2081	497
VERDELÂNDIA	153	4	443	160
VEREDINHA	157	4	336	98
VERÍSSIMO	186	3	317	173
VERMELHO NOVO	116	4	345	91
VESPASIANO	4.985	129	6047	1931
VIÇOSA	5.270	55	9117	3172
VIEIRAS	135	6	471	110
VIRGEM DA LAPA	275	8	917	267
VIRGÍNIA	188	4	580	136
VIRGINÓPOLIS	233	5	839	153
VIRGOLÂNDIA	118	6	450	146
VISCONDE DO RIO BRANCO	1.970	58	4130	1225
VOLTA GRANDE	122	3	471	106
WENCESLAU BRAZ	63	0	244	100
